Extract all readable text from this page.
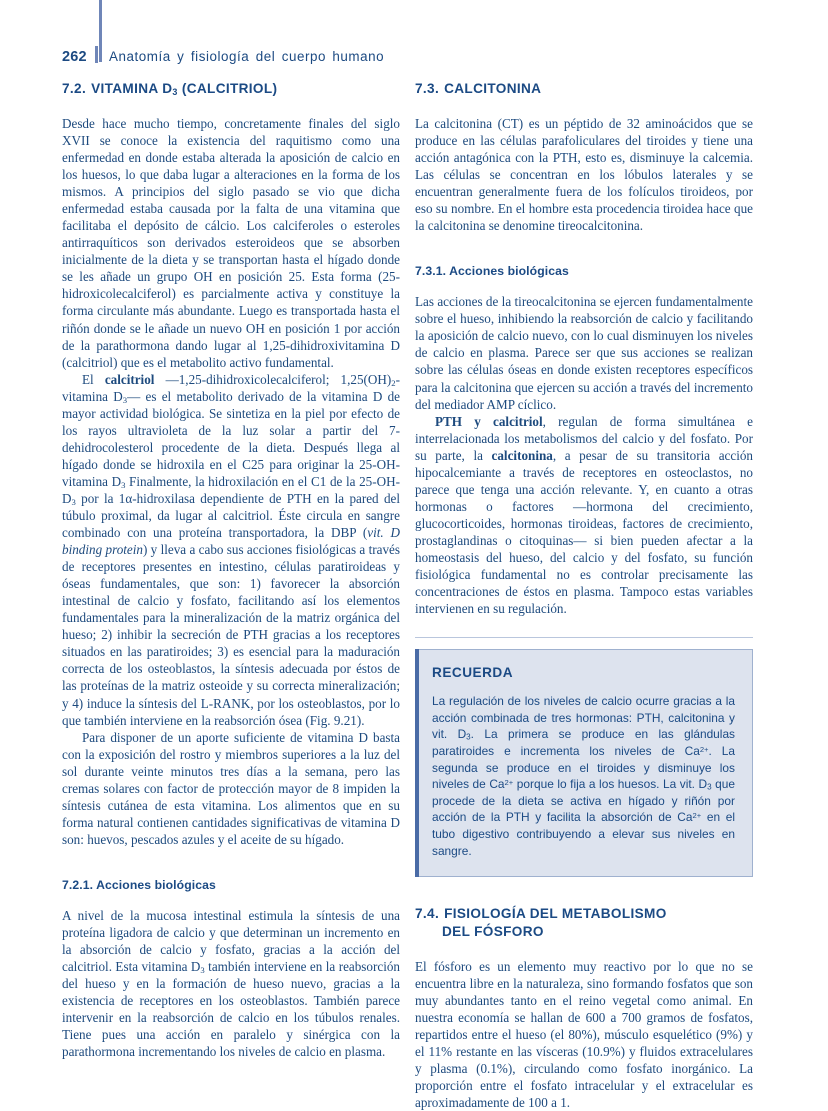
262	Anatomía y fisiología del cuerpo humano
7.2. VITAMINA $D_3$ (CALCITRIOL)

Desde hace mucho tiempo, concretamente finales del siglo XVII se conoce la existencia del raquitismo como una enfermedad en donde estaba alterada la aposición de calcio en los huesos, lo que daba lugar a alteraciones en la forma de los mismos. A principios del siglo pasado se vio que dicha enfermedad estaba causada por la falta de una vitamina que facilitaba el depósito de cálcio. Los calciferoles o esteroles antirraquíticos son derivados esteroideos que se absorben inicialmente de la dieta y se transportan hasta el hígado donde se les añade un grupo OH en posición 25. Esta forma (25-hidroxicolecalciferol) es parcialmente activa y constituye la forma circulante más abundante. Luego es transportada hasta el riñón donde se le añade un nuevo OH en posición 1 por acción de la parathormona dando lugar al 1,25-dihidroxivitamina D (calcitriol) que es el metabolito activo fundamental.

El calcitriol —1,25-dihidroxicolecalciferol; $1,25(OH)_2$-vitamina $D_3—$ es el metabolito derivado de la vitamina D de mayor actividad biológica. Se sintetiza en la piel por efecto de los rayos ultravioleta de la luz solar a partir del 7-dehidrocolesterol procedente de la dieta. Después llega al hígado donde se hidroxila en el C25 para originar la 25-OH-vitamina $D_3$ Finalmente, la hidroxilación en el C1 de la $25-OH-D_3$ por la 1α-hidroxilasa dependiente de PTH en la pared del túbulo proximal, da lugar al calcitriol. Éste circula en sangre combinado con una proteína transportadora, la DBP (vit. D binding protein) y lleva a cabo sus acciones fisiológicas a través de receptores presentes en intestino, células paratiroideas y óseas fundamentales, que son: 1) favorecer la absorción intestinal de calcio y fosfato, facilitando así los elementos fundamentales para la mineralización de la matriz orgánica del hueso; 2) inhibir la secreción de PTH gracias a los receptores situados en las paratiroides; 3) es esencial para la maduración correcta de los osteoblastos, la síntesis adecuada por éstos de las proteínas de la matriz osteoide y su correcta mineralización; y 4) induce la síntesis del L-RANK, por los osteoblastos, por lo que también interviene en la reabsorción ósea (Fig. 9.21).

Para disponer de un aporte suficiente de vitamina D basta con la exposición del rostro y miembros superiores a la luz del sol durante veinte minutos tres días a la semana, pero las cremas solares con factor de protección mayor de 8 impiden la síntesis cutánea de esta vitamina. Los alimentos que en su forma natural contienen cantidades significativas de vitamina D son: huevos, pescados azules y el aceite de su hígado.

7.2.1. Acciones biológicas

A nivel de la mucosa intestinal estimula la síntesis de una proteína ligadora de calcio y que determinan un incremento en la absorción de calcio y fosfato, gracias a la acción del calcitriol. Esta vitamina $D_3$ también interviene en la reabsorción del hueso y en la formación de hueso nuevo, gracias a la existencia de receptores en los osteoblastos. También parece intervenir en la reabsorción de calcio en los túbulos renales. Tiene pues una acción en paralelo y sinérgica con la parathormona incrementando los niveles de calcio en plasma.

7.3. CALCITONINA

La calcitonina (CT) es un péptido de 32 aminoácidos que se produce en las células parafoliculares del tiroides y tiene una acción antagónica con la PTH, esto es, disminuye la calcemia. Las células se concentran en los lóbulos laterales y se encuentran generalmente fuera de los folículos tiroideos, por eso su nombre. En el hombre esta procedencia tiroidea hace que la calcitonina se denomine tireocalcitonina.

7.3.1. Acciones biológicas

Las acciones de la tireocalcitonina se ejercen fundamentalmente sobre el hueso, inhibiendo la reabsorción de calcio y facilitando la aposición de calcio nuevo, con lo cual disminuyen los niveles de calcio en plasma. Parece ser que sus acciones se realizan sobre las células óseas en donde existen receptores específicos para la calcitonina que ejercen su acción a través del incremento del mediador AMP cíclico.

PTH y calcitriol, regulan de forma simultánea e interrelacionada los metabolismos del calcio y del fosfato. Por su parte, la calcitonina, a pesar de su transitoria acción hipocalcemiante a través de receptores en osteoclastos, no parece que tenga una acción relevante. Y, en cuanto a otras hormonas o factores —hormona del crecimiento, glucocorticoides, hormonas tiroideas, factores de crecimiento, prostaglandinas o citoquinas— si bien pueden afectar a la homeostasis del hueso, del calcio y del fosfato, su función fisiológica fundamental no es controlar precisamente las concentraciones de éstos en plasma. Tampoco estas variables intervienen en su regulación.

RECUERDA

La regulación de los niveles de calcio ocurre gracias a la acción combinada de tres hormonas: PTH, calcitonina y vit. $D_3$. La primera se produce en las glándulas paratiroides e incrementa los niveles de $Ca^{2+}$. La segunda se produce en el tiroides y disminuye los niveles de $Ca^{2+}$ porque lo fija a los huesos. La vit. $D_3$ que procede de la dieta se activa en hígado y riñón por acción de la PTH y facilita la absorción de $Ca^{2+}$ en el tubo digestivo contribuyendo a elevar sus niveles en sangre.

7.4. FISIOLOGÍA DEL METABOLISMO
DEL FÓSFORO

El fósforo es un elemento muy reactivo por lo que no se encuentra libre en la naturaleza, sino formando fosfatos que son muy abundantes tanto en el reino vegetal como animal. En nuestra economía se hallan de 600 a 700 gramos de fosfatos, repartidos entre el hueso (el 80%), músculo esquelético (9%) y el 11% restante en las vísceras (10.9%) y fluidos extracelulares y plasma (0.1%), circulando como fosfato inorgánico. La proporción entre el fosfato intracelular y el extracelular es aproximadamente de 100 a 1.
